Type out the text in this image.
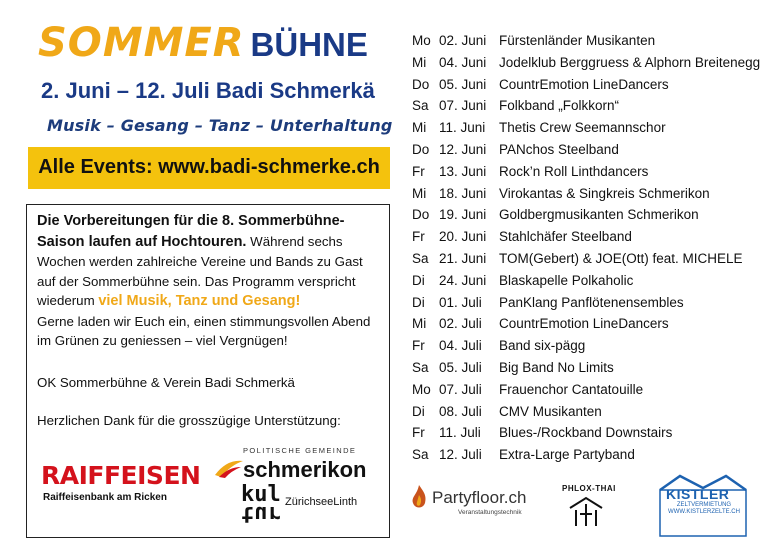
SOMMER BÜHNE
2. Juni – 12. Juli Badi Schmerkä
Musik – Gesang – Tanz – Unterhaltung
Alle Events: www.badi-schmerke.ch
Die Vorbereitungen für die 8. Sommerbühne-Saison laufen auf Hochtouren. Während sechs Wochen werden zahlreiche Vereine und Bands zu Gast auf der Sommerbühne sein. Das Programm verspricht wiederum viel Musik, Tanz und Gesang!
Gerne laden wir Euch ein, einen stimmungsvollen Abend im Grünen zu geniessen – viel Vergnügen!
OK Sommerbühne & Verein Badi Schmerkä
Herzlichen Dank für die grosszügige Unterstützung:
RAIFFEISEN
Raiffeisenbank am Ricken
POLITISCHE GEMEINDE
schmerikon
kul
tur ZürichseeLinth
Mo 02. Juni Fürstenländer Musikanten
Mi 04. Juni Jodelklub Berggruess & Alphorn Breitenegg
Do 05. Juni CountrEmotion LineDancers
Sa 07. Juni Folkband „Folkkorn“
Mi 11. Juni Thetis Crew Seemannschor
Do 12. Juni PANchos Steelband
Fr 13. Juni Rock’n Roll Linthdancers
Mi 18. Juni Virokantas & Singkreis Schmerikon
Do 19. Juni Goldbergmusikanten Schmerikon
Fr 20. Juni Stahlchäfer Steelband
Sa 21. Juni TOM(Gebert) & JOE(Ott) feat. MICHELE
Di 24. Juni Blaskapelle Polkaholic
Di 01. Juli PanKlang Panflötenensembles
Mi 02. Juli CountrEmotion LineDancers
Fr 04. Juli Band six-pägg
Sa 05. Juli Big Band No Limits
Mo 07. Juli Frauenchor Cantatouille
Di 08. Juli CMV Musikanten
Fr 11. Juli Blues-/Rockband Downstairs
Sa 12. Juli Extra-Large Partyband
Partyfloor.ch
Veranstaltungstechnik
PHLOX-THAI	KISTLER
ZELTVERMIETUNG
WWW.KISTLERZELTE.CH
